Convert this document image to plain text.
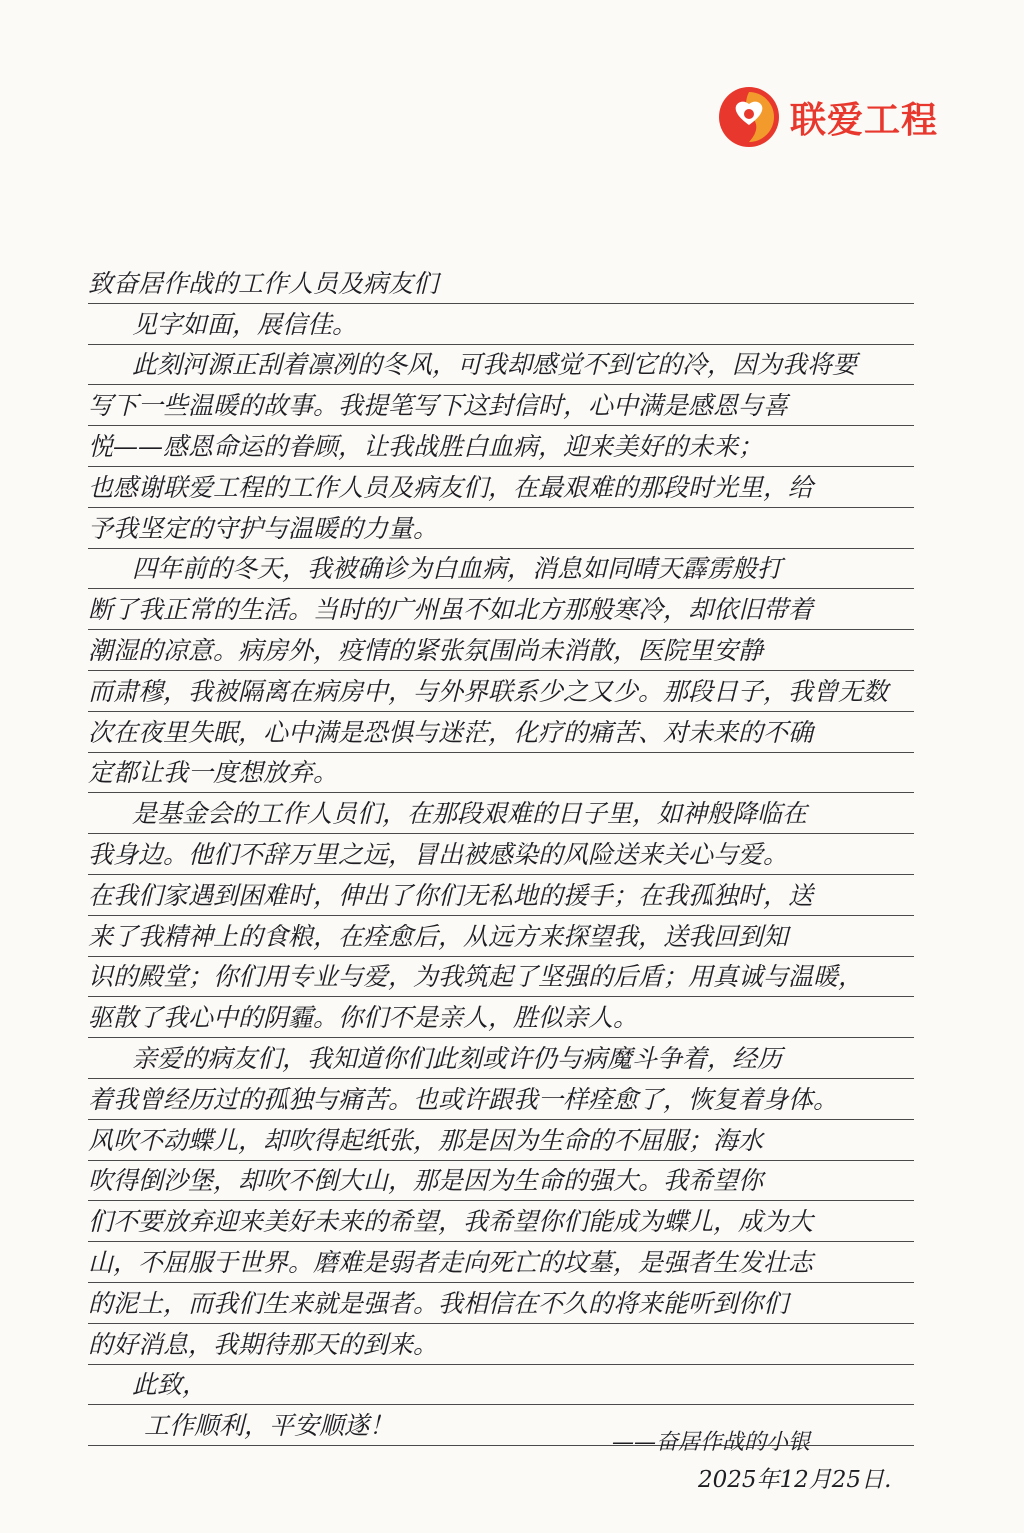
联爱工程
致奋居作战的工作人员及病友们
见字如面，展信佳。
此刻河源正刮着凛冽的冬风，可我却感觉不到它的冷，因为我将要
写下一些温暖的故事。我提笔写下这封信时，心中满是感恩与喜
悦——感恩命运的眷顾，让我战胜白血病，迎来美好的未来；
也感谢联爱工程的工作人员及病友们，在最艰难的那段时光里，给
予我坚定的守护与温暖的力量。
四年前的冬天，我被确诊为白血病，消息如同晴天霹雳般打
断了我正常的生活。当时的广州虽不如北方那般寒冷，却依旧带着
潮湿的凉意。病房外，疫情的紧张氛围尚未消散，医院里安静
而肃穆，我被隔离在病房中，与外界联系少之又少。那段日子，我曾无数
次在夜里失眠，心中满是恐惧与迷茫，化疗的痛苦、对未来的不确
定都让我一度想放弃。
是基金会的工作人员们，在那段艰难的日子里，如神般降临在
我身边。他们不辞万里之远，冒出被感染的风险送来关心与爱。
在我们家遇到困难时，伸出了你们无私地的援手；在我孤独时，送
来了我精神上的食粮，在痊愈后，从远方来探望我，送我回到知
识的殿堂；你们用专业与爱，为我筑起了坚强的后盾；用真诚与温暖，
驱散了我心中的阴霾。你们不是亲人，胜似亲人。
亲爱的病友们，我知道你们此刻或许仍与病魔斗争着，经历
着我曾经历过的孤独与痛苦。也或许跟我一样痊愈了，恢复着身体。
风吹不动蝶儿，却吹得起纸张，那是因为生命的不屈服；海水
吹得倒沙堡，却吹不倒大山，那是因为生命的强大。我希望你
们不要放弃迎来美好未来的希望，我希望你们能成为蝶儿，成为大
山，不屈服于世界。磨难是弱者走向死亡的坟墓，是强者生发壮志
的泥土，而我们生来就是强者。我相信在不久的将来能听到你们
的好消息，我期待那天的到来。
此致，
工作顺利，平安顺遂！
——奋居作战的小银
2025年12月25日.
